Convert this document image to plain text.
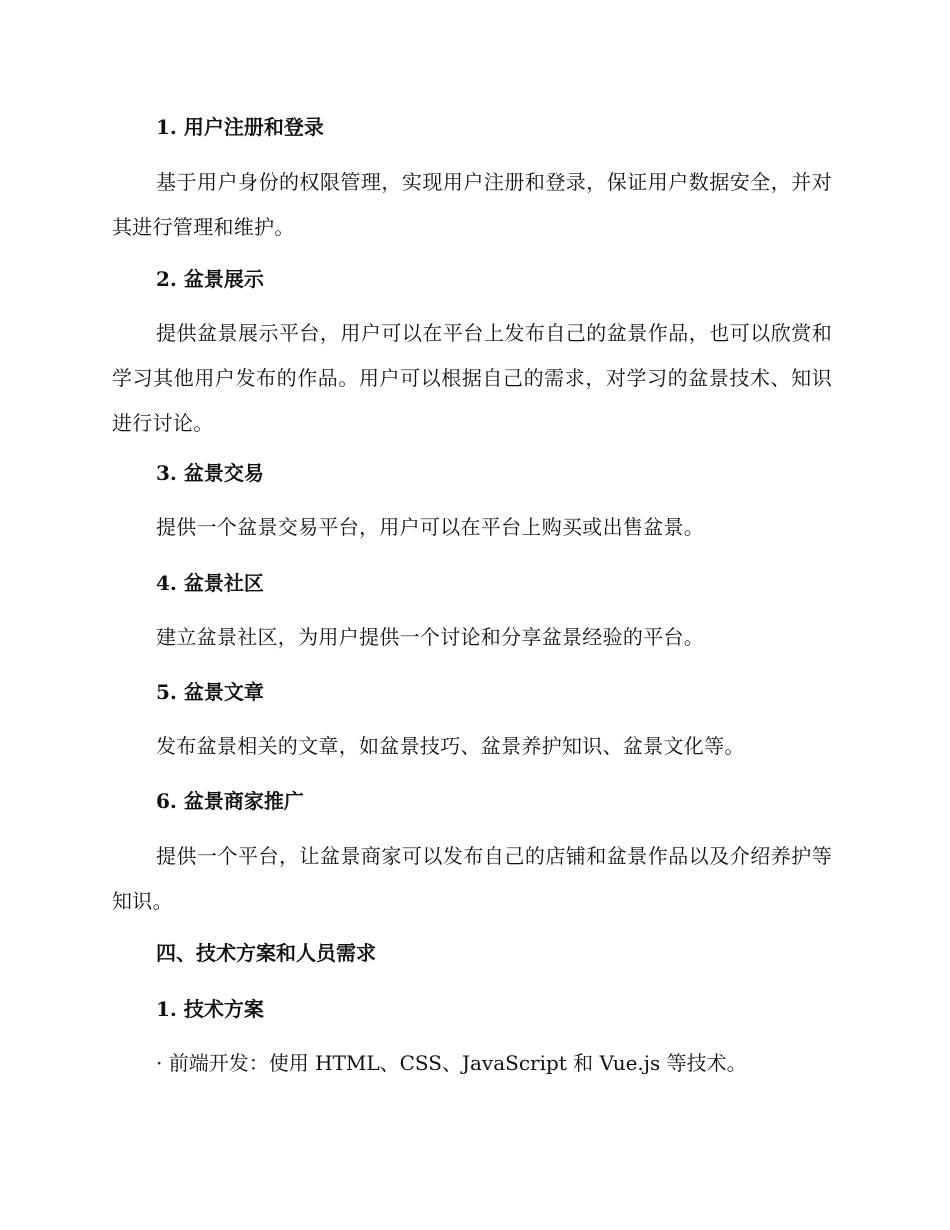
1. 用户注册和登录

基于用户身份的权限管理，实现用户注册和登录，保证用户数据安全，并对其进行管理和维护。

2. 盆景展示

提供盆景展示平台，用户可以在平台上发布自己的盆景作品，也可以欣赏和学习其他用户发布的作品。用户可以根据自己的需求，对学习的盆景技术、知识进行讨论。

3. 盆景交易

提供一个盆景交易平台，用户可以在平台上购买或出售盆景。

4. 盆景社区

建立盆景社区，为用户提供一个讨论和分享盆景经验的平台。

5. 盆景文章

发布盆景相关的文章，如盆景技巧、盆景养护知识、盆景文化等。

6. 盆景商家推广

提供一个平台，让盆景商家可以发布自己的店铺和盆景作品以及介绍养护等知识。

四、技术方案和人员需求

1. 技术方案

· 前端开发：使用 HTML、CSS、JavaScript 和 Vue.js 等技术。
